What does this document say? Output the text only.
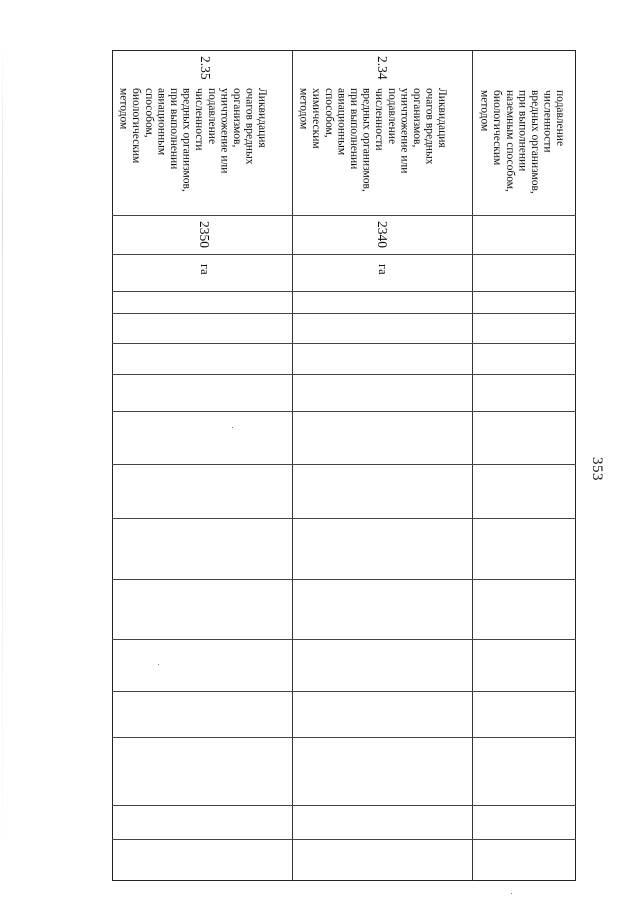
353
подавление
численности
вредных организмов,
при выполнении
наземным способом,
биологическим
методом
2.34
Ликвидация
очагов вредных
организмов,
уничтожение или
подавление
численности
вредных организмов,
при выполнении
авиационным
способом,
химическим
методом
2340
га
2.35
Ликвидация
очагов вредных
организмов,
уничтожение или
подавление
численности
вредных организмов,
при выполнении
авиационным
способом,
биологическим
методом
2350
га
